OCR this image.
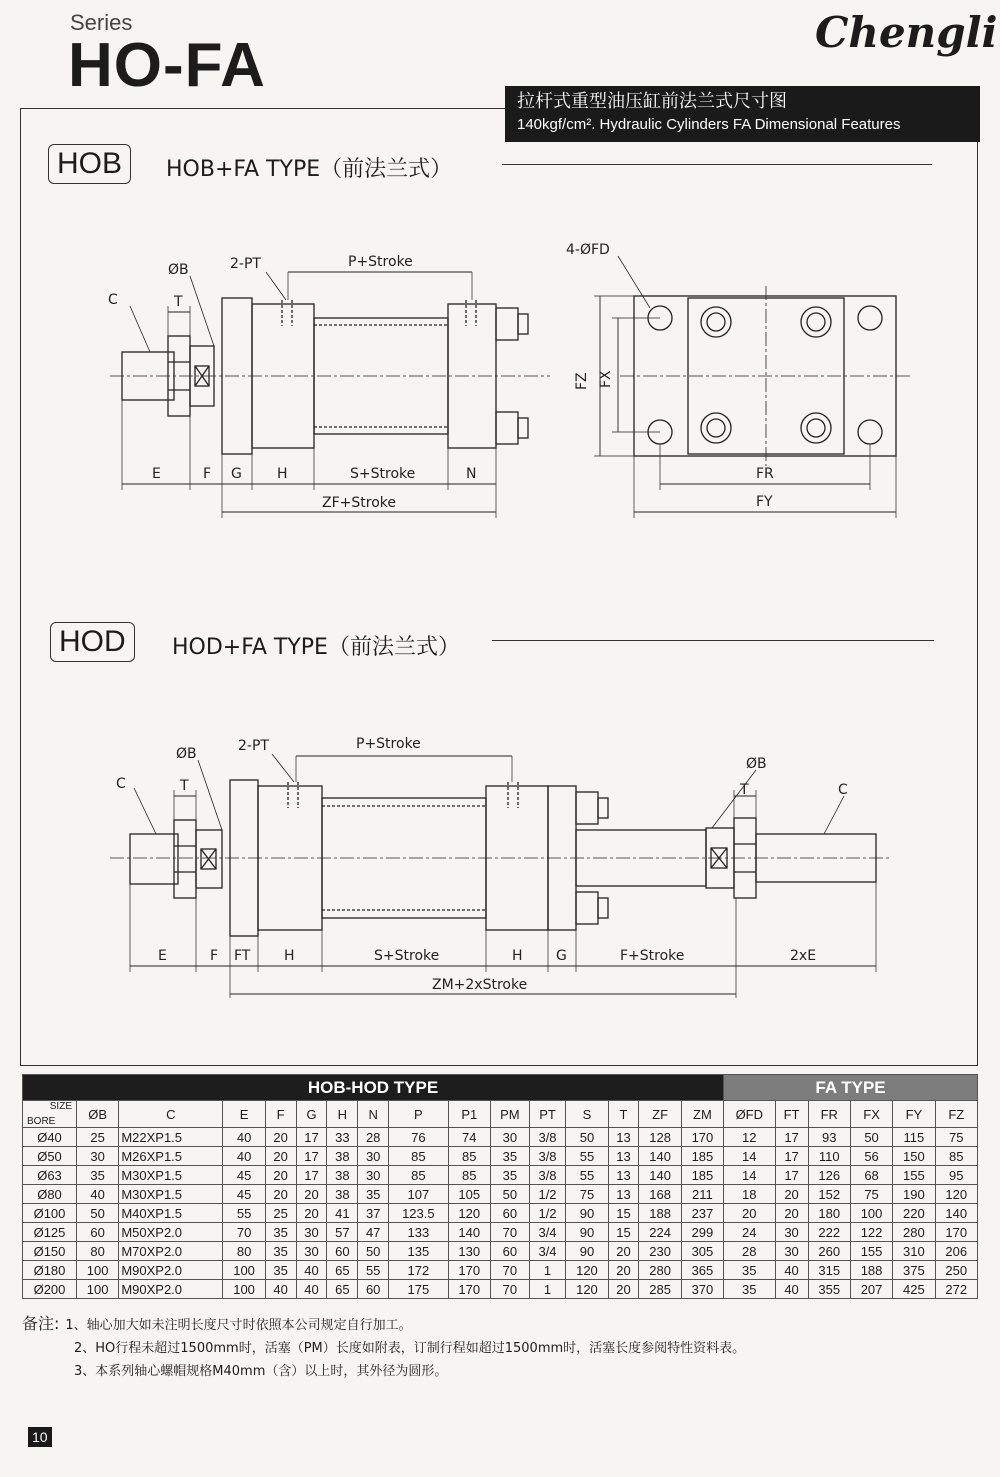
Series
HO-FA	Chengli
拉杆式重型油压缸前法兰式尺寸图
140kgf/cm². Hydraulic Cylinders FA Dimensional Features
HOB	HOB+FA TYPE（前法兰式）
C
ØB
T
2-PT	P+Stroke
E	F G	H	S+Stroke	N
ZF+Stroke
4-ØFD
FZ FX
FR
FY
HOD	HOD+FA TYPE（前法兰式）
C
ØB
T
2-PT	P+Stroke
ØB
T	C
E	F FT H	S+Stroke	H G	F+Stroke	2xE
ZM+2xStroke
HOB-HOD TYPE																FA TYPE					

SIZE
BORE	ØB	C	E	F	G	H	N	P	P1	PM	PT	S	T	ZF	ZM	ØFD	FT	FR	FX	FY	FZ
Ø40	25	M22XP1.5	40	20	17	33	28	76	74	30	3/8	50	13	128	170	12	17	93	50	115	75
Ø50	30	M26XP1.5	40	20	17	38	30	85	85	35	3/8	55	13	140	185	14	17	110	56	150	85
Ø63	35	M30XP1.5	45	20	17	38	30	85	85	35	3/8	55	13	140	185	14	17	126	68	155	95
Ø80	40	M30XP1.5	45	20	20	38	35	107	105	50	1/2	75	13	168	211	18	20	152	75	190	120
Ø100	50	M40XP1.5	55	25	20	41	37	123.5	120	60	1/2	90	15	188	237	20	20	180	100	220	140
Ø125	60	M50XP2.0	70	35	30	57	47	133	140	70	3/4	90	15	224	299	24	30	222	122	280	170
Ø150	80	M70XP2.0	80	35	30	60	50	135	130	60	3/4	90	20	230	305	28	30	260	155	310	206
Ø180	100	M90XP2.0	100	35	40	65	55	172	170	70	1	120	20	280	365	35	40	315	188	375	250
Ø200	100	M90XP2.0	100	40	40	65	60	175	170	70	1	120	20	285	370	35	40	355	207	425	272
备注: 1、轴心加大如未注明长度尺寸时依照本公司规定自行加工。
2、HO行程未超过1500mm时，活塞（PM）长度如附表，订制行程如超过1500mm时，活塞长度参阅特性资料表。
3、本系列轴心螺帽规格M40mm（含）以上时，其外径为圆形。
10
